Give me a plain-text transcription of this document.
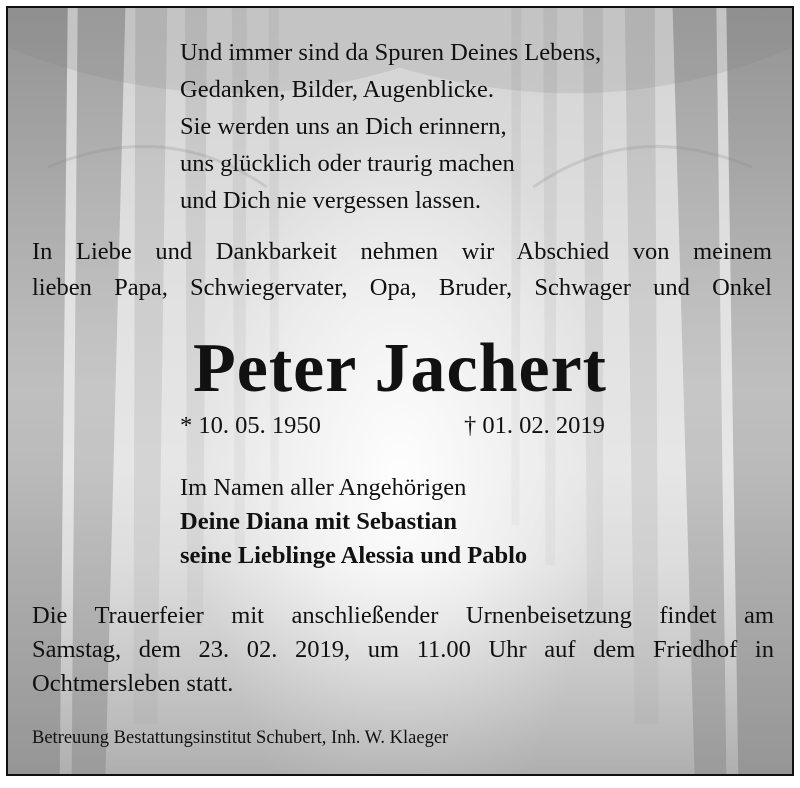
Und immer sind da Spuren Deines Lebens,
Gedanken, Bilder, Augenblicke.
Sie werden uns an Dich erinnern,
uns glücklich oder traurig machen
und Dich nie vergessen lassen.
In Liebe und Dankbarkeit nehmen wir Abschied von meinem
lieben Papa, Schwiegervater, Opa, Bruder, Schwager und Onkel
Peter Jachert
* 10. 05. 1950	† 01. 02. 2019
Im Namen aller Angehörigen
Deine Diana mit Sebastian
seine Lieblinge Alessia und Pablo
Die Trauerfeier mit anschließender Urnenbeisetzung findet am
Samstag, dem 23. 02. 2019, um 11.00 Uhr auf dem Friedhof in
Ochtmersleben statt.
Betreuung Bestattungsinstitut Schubert, Inh. W. Klaeger
